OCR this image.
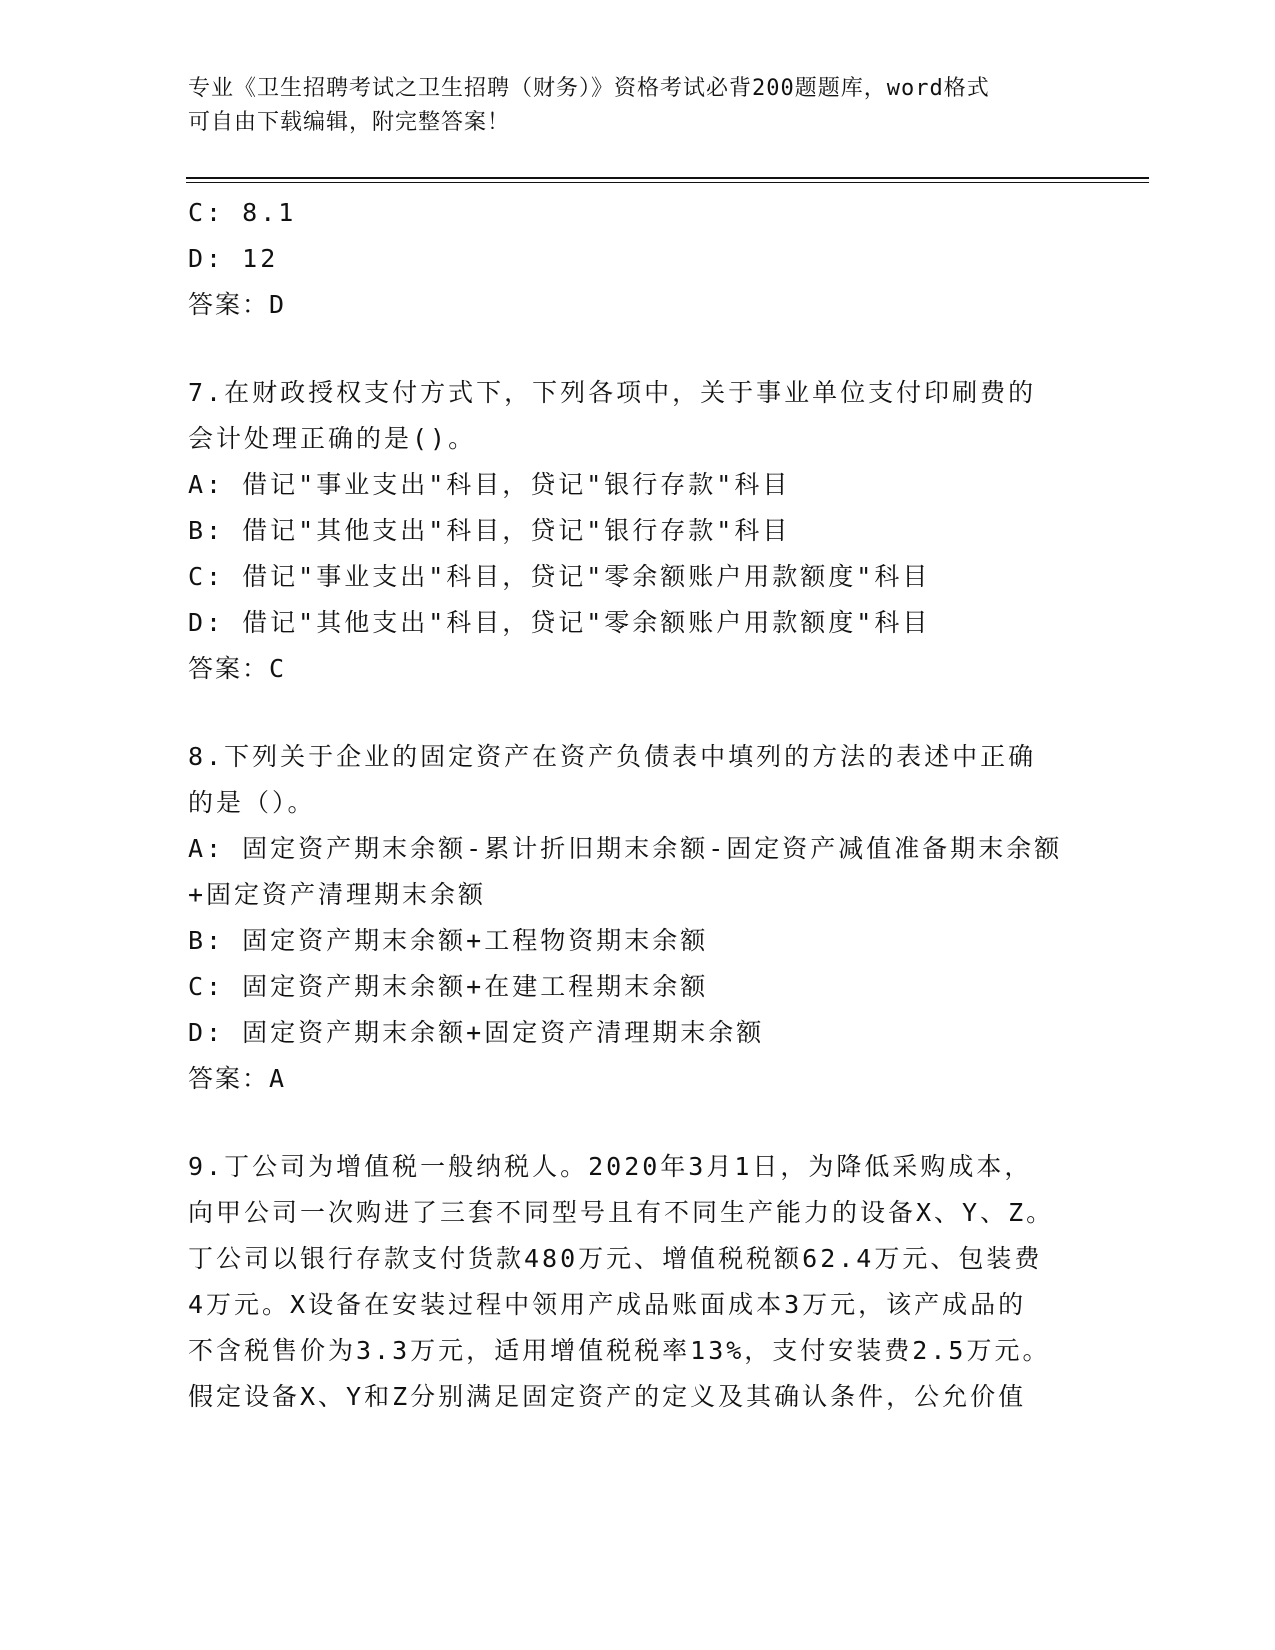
专业《卫生招聘考试之卫生招聘（财务）》资格考试必背200题题库，word格式
可自由下载编辑，附完整答案！
C: 8.1
D: 12
答案：D
7.在财政授权支付方式下，下列各项中，关于事业单位支付印刷费的
会计处理正确的是()。
A: 借记"事业支出"科目，贷记"银行存款"科目
B: 借记"其他支出"科目，贷记"银行存款"科目
C: 借记"事业支出"科目，贷记"零余额账户用款额度"科目
D: 借记"其他支出"科目，贷记"零余额账户用款额度"科目
答案：C
8.下列关于企业的固定资产在资产负债表中填列的方法的表述中正确
的是（）。
A: 固定资产期末余额-累计折旧期末余额-固定资产减值准备期末余额
+固定资产清理期末余额
B: 固定资产期末余额+工程物资期末余额
C: 固定资产期末余额+在建工程期末余额
D: 固定资产期末余额+固定资产清理期末余额
答案：A
9.丁公司为增值税一般纳税人。2020年3月1日，为降低采购成本，
向甲公司一次购进了三套不同型号且有不同生产能力的设备X、Y、Z。
丁公司以银行存款支付货款480万元、增值税税额62.4万元、包装费
4万元。X设备在安装过程中领用产成品账面成本3万元，该产成品的
不含税售价为3.3万元，适用增值税税率13%，支付安装费2.5万元。
假定设备X、Y和Z分别满足固定资产的定义及其确认条件，公允价值
